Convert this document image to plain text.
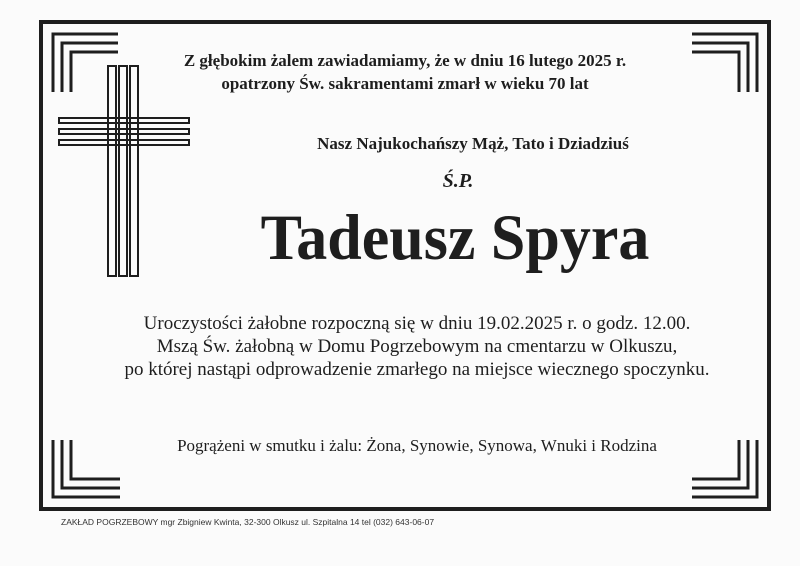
Z głębokim żalem zawiadamiamy, że w dniu 16 lutego 2025 r.
opatrzony Św. sakramentami zmarł w wieku 70 lat
Nasz Najukochańszy Mąż, Tato i Dziadziuś
Ś.P.
Tadeusz Spyra
Uroczystości żałobne rozpoczną się w dniu 19.02.2025 r. o godz. 12.00.
Mszą Św. żałobną w Domu Pogrzebowym na cmentarzu w Olkuszu,
po której nastąpi odprowadzenie zmarłego na miejsce wiecznego spoczynku.
Pogrążeni w smutku i żalu: Żona, Synowie, Synowa, Wnuki i Rodzina
ZAKŁAD POGRZEBOWY mgr Zbigniew Kwinta, 32-300 Olkusz ul. Szpitalna 14 tel (032) 643-06-07
